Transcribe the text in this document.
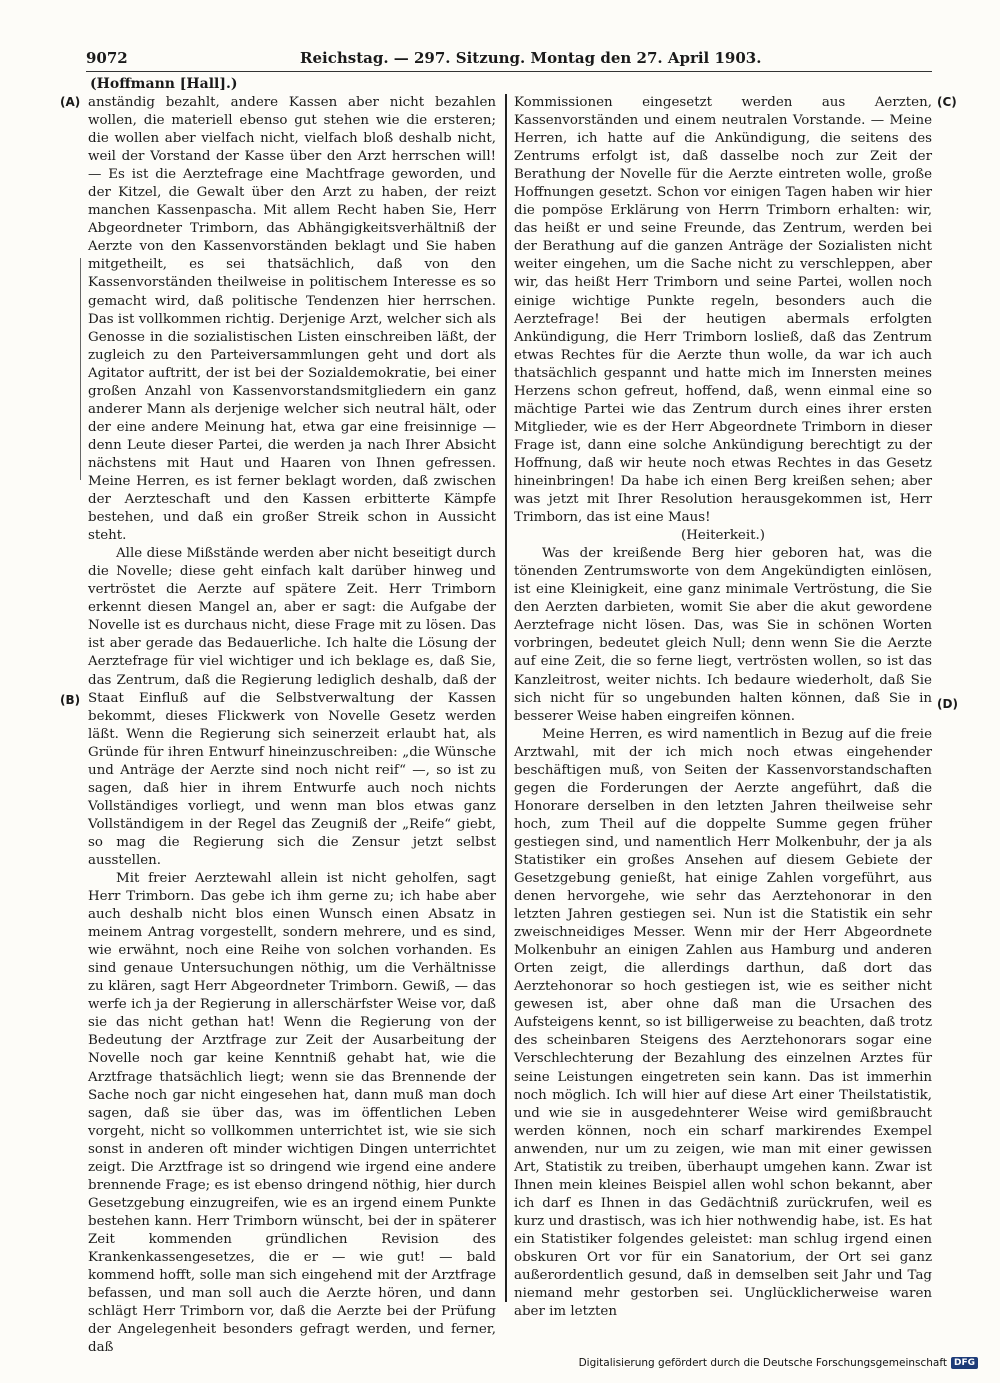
9072	Reichstag. — 297. Sitzung. Montag den 27. April 1903.
(Hoffmann [Hall].)
(A)
(B)
(C)
(D)

anständig bezahlt, andere Kassen aber nicht bezahlen wollen, die materiell ebenso gut stehen wie die ersteren; die wollen aber vielfach nicht, vielfach bloß deshalb nicht, weil der Vorstand der Kasse über den Arzt herrschen will! — Es ist die Aerztefrage eine Machtfrage geworden, und der Kitzel, die Gewalt über den Arzt zu haben, der reizt manchen Kassenpascha. Mit allem Recht haben Sie, Herr Abgeordneter Trimborn, das Abhängigkeitsverhältniß der Aerzte von den Kassenvorständen beklagt und Sie haben mitgetheilt, es sei thatsächlich, daß von den Kassenvorständen theilweise in politischem Interesse es so gemacht wird, daß politische Tendenzen hier herrschen. Das ist vollkommen richtig. Derjenige Arzt, welcher sich als Genosse in die sozialistischen Listen einschreiben läßt, der zugleich zu den Parteiversammlungen geht und dort als Agitator auftritt, der ist bei der Sozialdemokratie, bei einer großen Anzahl von Kassenvorstandsmitgliedern ein ganz anderer Mann als derjenige welcher sich neutral hält, oder der eine andere Meinung hat, etwa gar eine freisinnige — denn Leute dieser Partei, die werden ja nach Ihrer Absicht nächstens mit Haut und Haaren von Ihnen gefressen. Meine Herren, es ist ferner beklagt worden, daß zwischen der Aerzteschaft und den Kassen erbitterte Kämpfe bestehen, und daß ein großer Streik schon in Aussicht steht.

Alle diese Mißstände werden aber nicht beseitigt durch die Novelle; diese geht einfach kalt darüber hinweg und vertröstet die Aerzte auf spätere Zeit. Herr Trimborn erkennt diesen Mangel an, aber er sagt: die Aufgabe der Novelle ist es durchaus nicht, diese Frage mit zu lösen. Das ist aber gerade das Bedauerliche. Ich halte die Lösung der Aerztefrage für viel wichtiger und ich beklage es, daß Sie, das Zentrum, daß die Regierung lediglich deshalb, daß der Staat Einfluß auf die Selbstverwaltung der Kassen bekommt, dieses Flickwerk von Novelle Gesetz werden läßt. Wenn die Regierung sich seinerzeit erlaubt hat, als Gründe für ihren Entwurf hineinzuschreiben: „die Wünsche und Anträge der Aerzte sind noch nicht reif“ —, so ist zu sagen, daß hier in ihrem Entwurfe auch noch nichts Vollständiges vorliegt, und wenn man blos etwas ganz Vollständigem in der Regel das Zeugniß der „Reife“ giebt, so mag die Regierung sich die Zensur jetzt selbst ausstellen.

Mit freier Aerztewahl allein ist nicht geholfen, sagt Herr Trimborn. Das gebe ich ihm gerne zu; ich habe aber auch deshalb nicht blos einen Wunsch einen Absatz in meinem Antrag vorgestellt, sondern mehrere, und es sind, wie erwähnt, noch eine Reihe von solchen vorhanden. Es sind genaue Untersuchungen nöthig, um die Verhältnisse zu klären, sagt Herr Abgeordneter Trimborn. Gewiß, — das werfe ich ja der Regierung in allerschärfster Weise vor, daß sie das nicht gethan hat! Wenn die Regierung von der Bedeutung der Arztfrage zur Zeit der Ausarbeitung der Novelle noch gar keine Kenntniß gehabt hat, wie die Arztfrage thatsächlich liegt; wenn sie das Brennende der Sache noch gar nicht eingesehen hat, dann muß man doch sagen, daß sie über das, was im öffentlichen Leben vorgeht, nicht so vollkommen unterrichtet ist, wie sie sich sonst in anderen oft minder wichtigen Dingen unterrichtet zeigt. Die Arztfrage ist so dringend wie irgend eine andere brennende Frage; es ist ebenso dringend nöthig, hier durch Gesetzgebung einzugreifen, wie es an irgend einem Punkte bestehen kann. Herr Trimborn wünscht, bei der in späterer Zeit kommenden gründlichen Revision des Krankenkassengesetzes, die er — wie gut! — bald kommend hofft, solle man sich eingehend mit der Arztfrage befassen, und man soll auch die Aerzte hören, und dann schlägt Herr Trimborn vor, daß die Aerzte bei der Prüfung der Angelegenheit besonders gefragt werden, und ferner, daß

Kommissionen eingesetzt werden aus Aerzten, Kassenvorständen und einem neutralen Vorstande. — Meine Herren, ich hatte auf die Ankündigung, die seitens des Zentrums erfolgt ist, daß dasselbe noch zur Zeit der Berathung der Novelle für die Aerzte eintreten wolle, große Hoffnungen gesetzt. Schon vor einigen Tagen haben wir hier die pompöse Erklärung von Herrn Trimborn erhalten: wir, das heißt er und seine Freunde, das Zentrum, werden bei der Berathung auf die ganzen Anträge der Sozialisten nicht weiter eingehen, um die Sache nicht zu verschleppen, aber wir, das heißt Herr Trimborn und seine Partei, wollen noch einige wichtige Punkte regeln, besonders auch die Aerztefrage! Bei der heutigen abermals erfolgten Ankündigung, die Herr Trimborn losließ, daß das Zentrum etwas Rechtes für die Aerzte thun wolle, da war ich auch thatsächlich gespannt und hatte mich im Innersten meines Herzens schon gefreut, hoffend, daß, wenn einmal eine so mächtige Partei wie das Zentrum durch eines ihrer ersten Mitglieder, wie es der Herr Abgeordnete Trimborn in dieser Frage ist, dann eine solche Ankündigung berechtigt zu der Hoffnung, daß wir heute noch etwas Rechtes in das Gesetz hineinbringen! Da habe ich einen Berg kreißen sehen; aber was jetzt mit Ihrer Resolution herausgekommen ist, Herr Trimborn, das ist eine Maus!

(Heiterkeit.)

Was der kreißende Berg hier geboren hat, was die tönenden Zentrumsworte von dem Angekündigten einlösen, ist eine Kleinigkeit, eine ganz minimale Vertröstung, die Sie den Aerzten darbieten, womit Sie aber die akut gewordene Aerztefrage nicht lösen. Das, was Sie in schönen Worten vorbringen, bedeutet gleich Null; denn wenn Sie die Aerzte auf eine Zeit, die so ferne liegt, vertrösten wollen, so ist das Kanzleitrost, weiter nichts. Ich bedaure wiederholt, daß Sie sich nicht für so ungebunden halten können, daß Sie in besserer Weise haben eingreifen können.

Meine Herren, es wird namentlich in Bezug auf die freie Arztwahl, mit der ich mich noch etwas eingehender beschäftigen muß, von Seiten der Kassenvorstandschaften gegen die Forderungen der Aerzte angeführt, daß die Honorare derselben in den letzten Jahren theilweise sehr hoch, zum Theil auf die doppelte Summe gegen früher gestiegen sind, und namentlich Herr Molkenbuhr, der ja als Statistiker ein großes Ansehen auf diesem Gebiete der Gesetzgebung genießt, hat einige Zahlen vorgeführt, aus denen hervorgehe, wie sehr das Aerztehonorar in den letzten Jahren gestiegen sei. Nun ist die Statistik ein sehr zweischneidiges Messer. Wenn mir der Herr Abgeordnete Molkenbuhr an einigen Zahlen aus Hamburg und anderen Orten zeigt, die allerdings darthun, daß dort das Aerztehonorar so hoch gestiegen ist, wie es seither nicht gewesen ist, aber ohne daß man die Ursachen des Aufsteigens kennt, so ist billigerweise zu beachten, daß trotz des scheinbaren Steigens des Aerztehonorars sogar eine Verschlechterung der Bezahlung des einzelnen Arztes für seine Leistungen eingetreten sein kann. Das ist immerhin noch möglich. Ich will hier auf diese Art einer Theilstatistik, und wie sie in ausgedehnterer Weise wird gemißbraucht werden können, noch ein scharf markirendes Exempel anwenden, nur um zu zeigen, wie man mit einer gewissen Art, Statistik zu treiben, überhaupt umgehen kann. Zwar ist Ihnen mein kleines Beispiel allen wohl schon bekannt, aber ich darf es Ihnen in das Gedächtniß zurückrufen, weil es kurz und drastisch, was ich hier nothwendig habe, ist. Es hat ein Statistiker folgendes geleistet: man schlug irgend einen obskuren Ort vor für ein Sanatorium, der Ort sei ganz außerordentlich gesund, daß in demselben seit Jahr und Tag niemand mehr gestorben sei. Unglücklicherweise waren aber im letzten

Digitalisierung gefördert durch die Deutsche Forschungsgemeinschaft DFG
